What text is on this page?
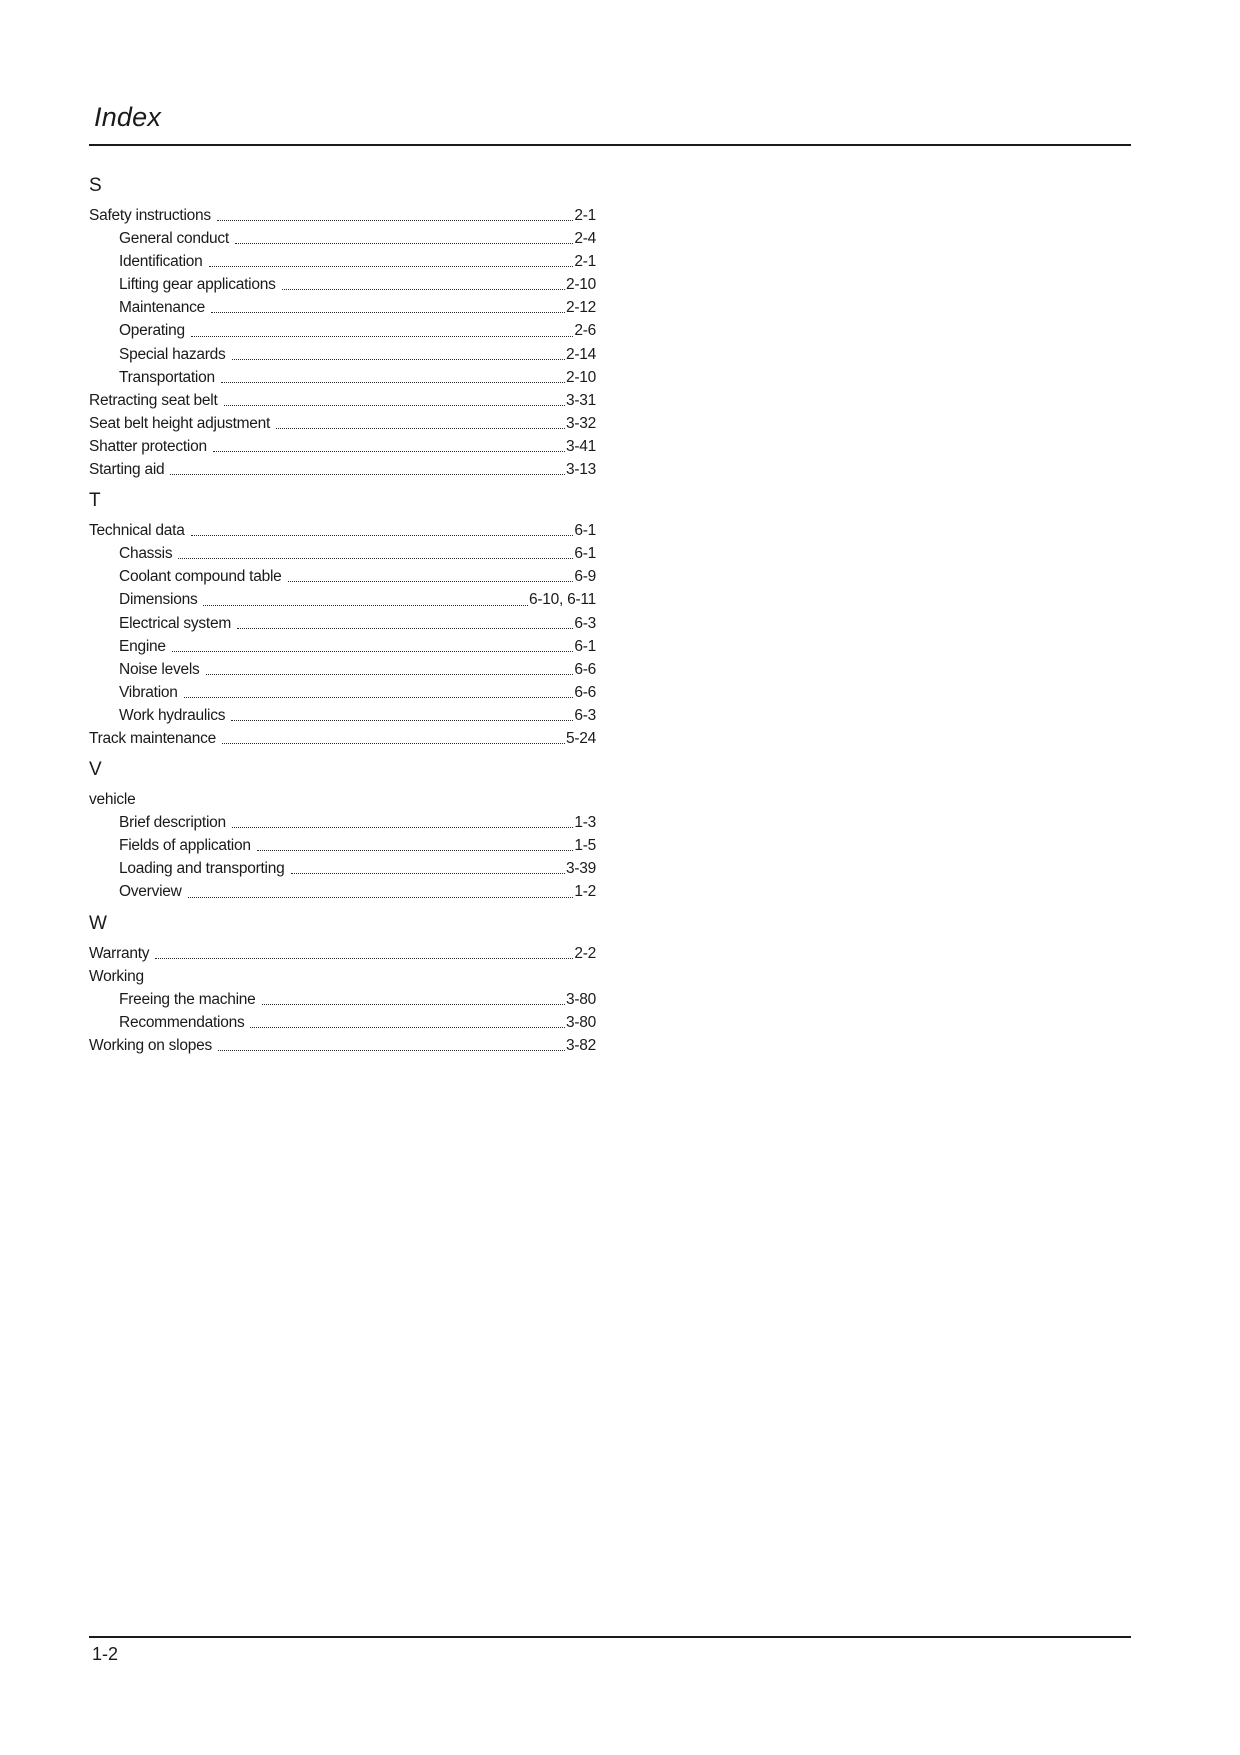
Index
S
Safety instructions	2-1
General conduct	2-4
Identification	2-1
Lifting gear applications	2-10
Maintenance	2-12
Operating	2-6
Special hazards	2-14
Transportation	2-10
Retracting seat belt	3-31
Seat belt height adjustment	3-32
Shatter protection	3-41
Starting aid	3-13
T
Technical data	6-1
Chassis	6-1
Coolant compound table	6-9
Dimensions	6-10, 6-11
Electrical system	6-3
Engine	6-1
Noise levels	6-6
Vibration	6-6
Work hydraulics	6-3
Track maintenance	5-24
V
vehicle
Brief description	1-3
Fields of application	1-5
Loading and transporting	3-39
Overview	1-2
W
Warranty	2-2
Working
Freeing the machine	3-80
Recommendations	3-80
Working on slopes	3-82
1-2
